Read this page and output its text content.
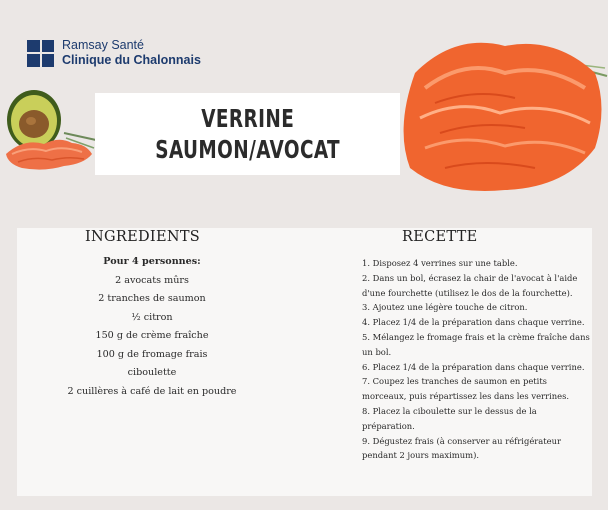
Ramsay Santé
Clinique du Chalonnais
VERRINE
SAUMON/AVOCAT
INGREDIENTS	RECETTE
Pour 4 personnes:
2 avocats mûrs
2 tranches de saumon
½ citron
150 g de crème fraîche
100 g de fromage frais
ciboulette
2 cuillères à café de lait en poudre
1. Disposez 4 verrines sur une table.
2. Dans un bol, écrasez la chair de l'avocat à l'aide d'une fourchette (utilisez le dos de la fourchette).
3. Ajoutez une légère touche de citron.
4. Placez 1/4 de la préparation dans chaque verrine.
5. Mélangez le fromage frais et la crème fraîche dans un bol.
6. Placez 1/4 de la préparation dans chaque verrine.
7. Coupez les tranches de saumon en petits morceaux, puis répartissez les dans les verrines.
8. Placez la ciboulette sur le dessus de la préparation.
9. Dégustez frais (à conserver au réfrigérateur pendant 2 jours maximum).
